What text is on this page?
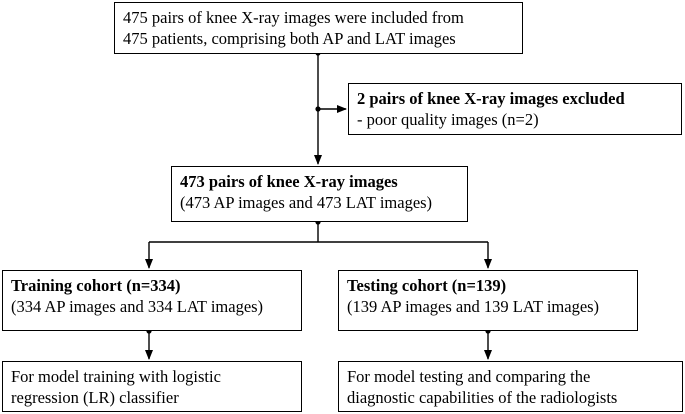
475 pairs of knee X-ray images were included from
475 patients, comprising both AP and LAT images
2 pairs of knee X-ray images excluded
- poor quality images (n=2)
473 pairs of knee X-ray images
(473 AP images and 473 LAT images)
Training cohort (n=334)
(334 AP images and 334 LAT images)
Testing cohort (n=139)
(139 AP images and 139 LAT images)
For model training with logistic
regression (LR) classifier
For model testing and comparing the
diagnostic capabilities of the radiologists
